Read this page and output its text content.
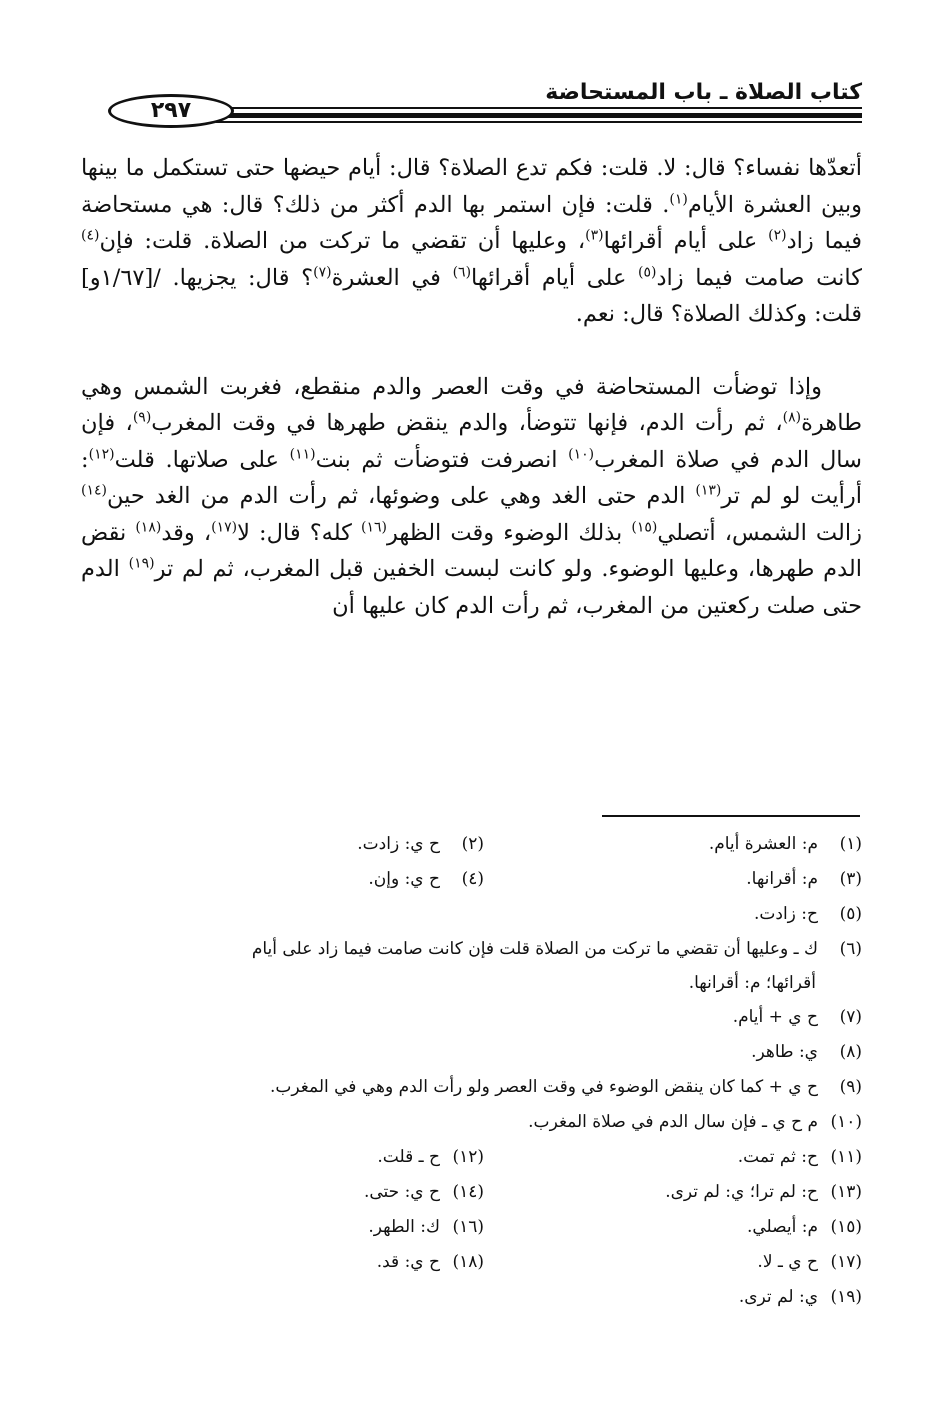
كتاب الصلاة ـ باب المستحاضة
٢٩٧

أتعدّها نفساء؟ قال: لا. قلت: فكم تدع الصلاة؟ قال: أيام حيضها حتى تستكمل ما بينها وبين العشرة الأيام$^{(١)}$. قلت: فإن استمر بها الدم أكثر من ذلك؟ قال: هي مستحاضة فيما زاد$^{(٢)}$ على أيام أقرائها$^{(٣)}$، وعليها أن تقضي ما تركت من الصلاة. قلت: فإن$^{(٤)}$ كانت صامت فيما زاد$^{(٥)}$ على أيام أقرائها$^{(٦)}$ في العشرة$^{(٧)}$؟ قال: يجزيها. /[١/٦٧و] قلت: وكذلك الصلاة؟ قال: نعم.

وإذا توضأت المستحاضة في وقت العصر والدم منقطع، فغربت الشمس وهي طاهرة$^{(٨)}$، ثم رأت الدم، فإنها تتوضأ، والدم ينقض طهرها في وقت المغرب$^{(٩)}$، فإن سال الدم في صلاة المغرب$^{(١٠)}$ انصرفت فتوضأت ثم بنت$^{(١١)}$ على صلاتها. قلت$^{(١٢)}$: أرأيت لو لم تر$^{(١٣)}$ الدم حتى الغد وهي على وضوئها، ثم رأت الدم من الغد حين$^{(١٤)}$ زالت الشمس، أتصلي$^{(١٥)}$ بذلك الوضوء وقت الظهر$^{(١٦)}$ كله؟ قال: لا$^{(١٧)}$، وقد$^{(١٨)}$ نقض الدم طهرها، وعليها الوضوء. ولو كانت لبست الخفين قبل المغرب، ثم لم تر$^{(١٩)}$ الدم حتى صلت ركعتين من المغرب، ثم رأت الدم كان عليها أن

(١)م: العشرة أيام.
(٢)ح ي: زادت.
(٣)م: أقرانها.
(٤)ح ي: وإن.
(٥)ح: زادت.
(٦)ك ـ وعليها أن تقضي ما تركت من الصلاة قلت فإن كانت صامت فيما زاد على أيام
أقرائها؛ م: أقرانها.
(٧)ح ي + أيام.
(٨)ي: طاهر.
(٩)ح ي + كما كان ينقض الوضوء في وقت العصر ولو رأت الدم وهي في المغرب.
(١٠)م ح ي ـ فإن سال الدم في صلاة المغرب.
(١١)ح: ثم تمت.
(١٢)ح ـ قلت.
(١٣)ح: لم ترا؛ ي: لم ترى.
(١٤)ح ي: حتى.
(١٥)م: أيصلي.
(١٦)ك: الطهر.
(١٧)ح ي ـ لا.
(١٨)ح ي: قد.
(١٩)ي: لم ترى.
